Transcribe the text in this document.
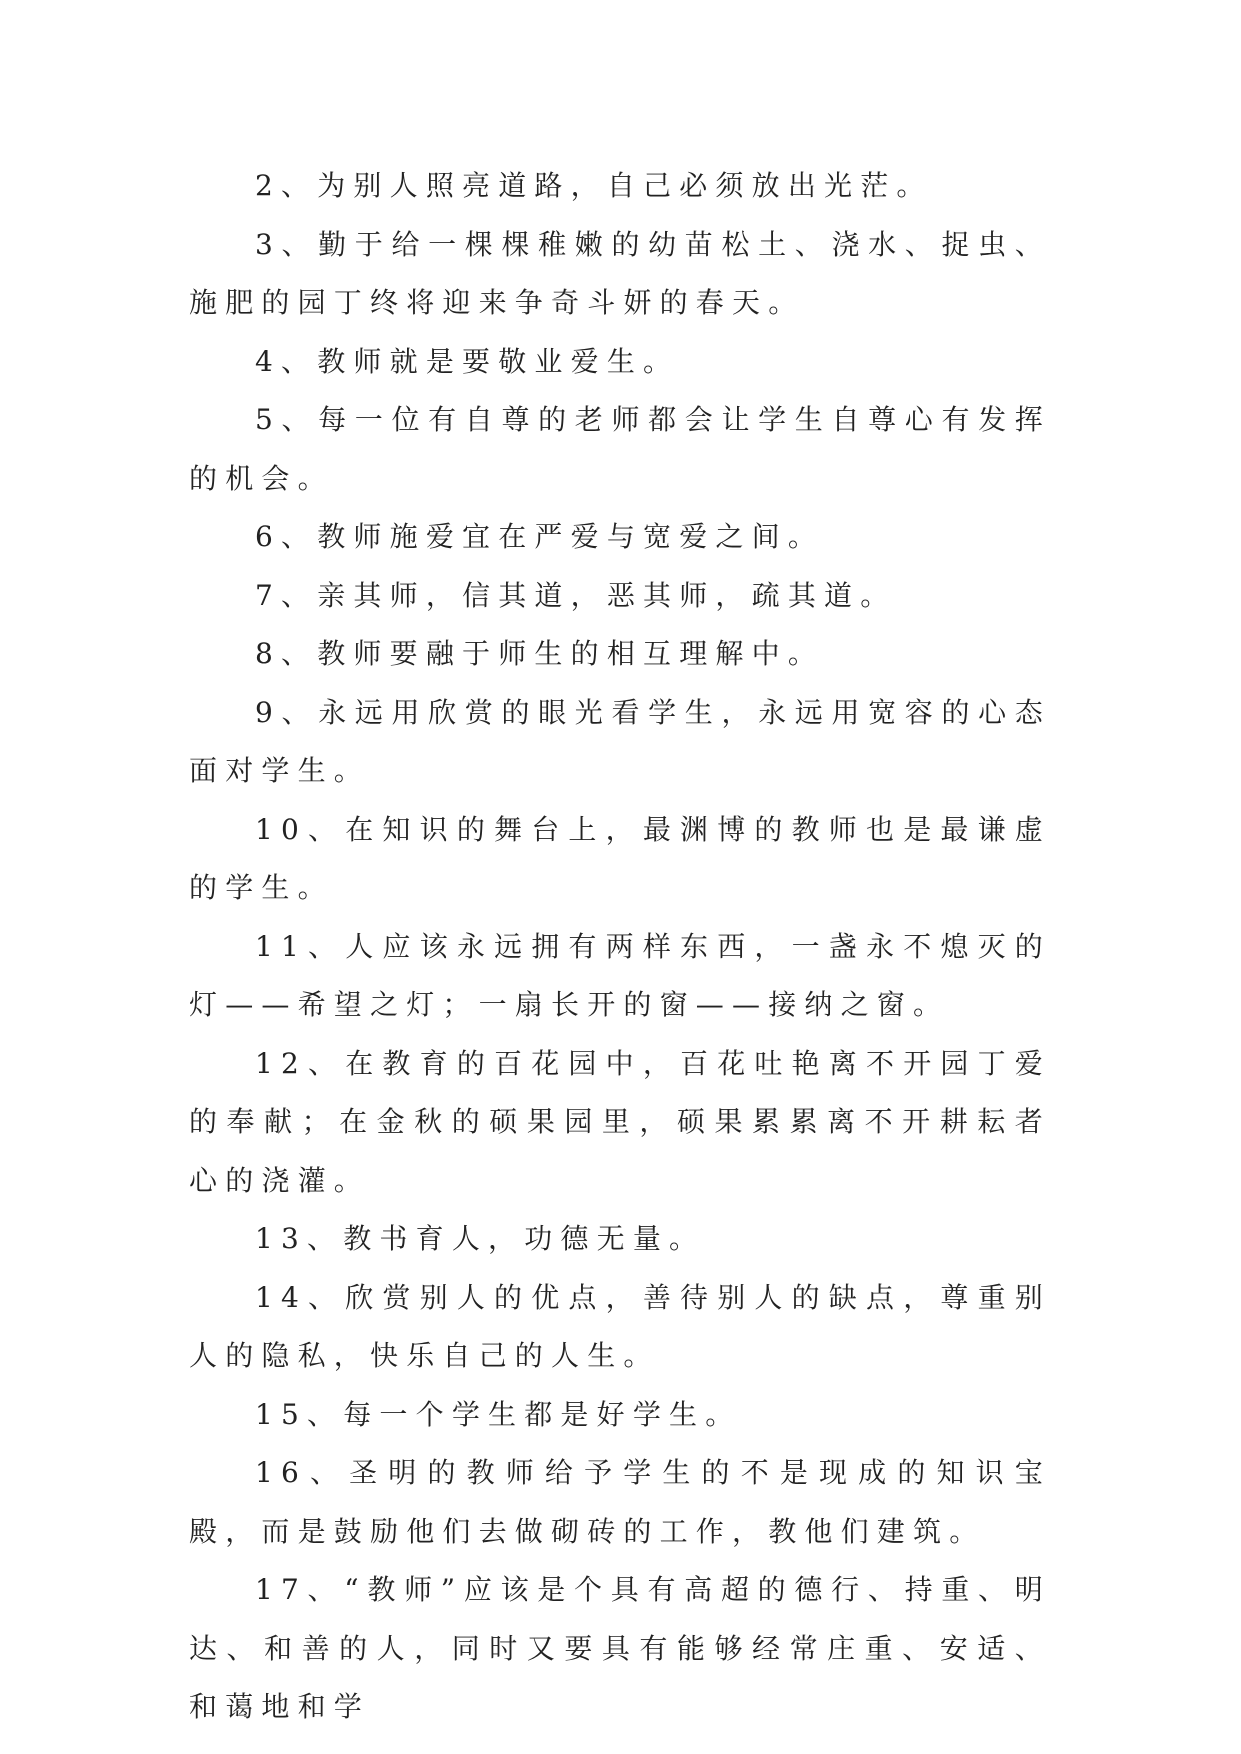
2、为别人照亮道路，自己必须放出光茫。

3、勤于给一棵棵稚嫩的幼苗松土、浇水、捉虫、施肥的园丁终将迎来争奇斗妍的春天。

4、教师就是要敬业爱生。

5、每一位有自尊的老师都会让学生自尊心有发挥的机会。

6、教师施爱宜在严爱与宽爱之间。

7、亲其师，信其道，恶其师，疏其道。

8、教师要融于师生的相互理解中。

9、永远用欣赏的眼光看学生，永远用宽容的心态面对学生。

10、在知识的舞台上，最渊博的教师也是最谦虚的学生。

11、人应该永远拥有两样东西，一盏永不熄灭的灯——希望之灯；一扇长开的窗——接纳之窗。

12、在教育的百花园中，百花吐艳离不开园丁爱的奉献；在金秋的硕果园里，硕果累累离不开耕耘者心的浇灌。

13、教书育人，功德无量。

14、欣赏别人的优点，善待别人的缺点，尊重别人的隐私，快乐自己的人生。

15、每一个学生都是好学生。

16、圣明的教师给予学生的不是现成的知识宝殿，而是鼓励他们去做砌砖的工作，教他们建筑。

17、“教师”应该是个具有高超的德行、持重、明达、和善的人，同时又要具有能够经常庄重、安适、和蔼地和学
